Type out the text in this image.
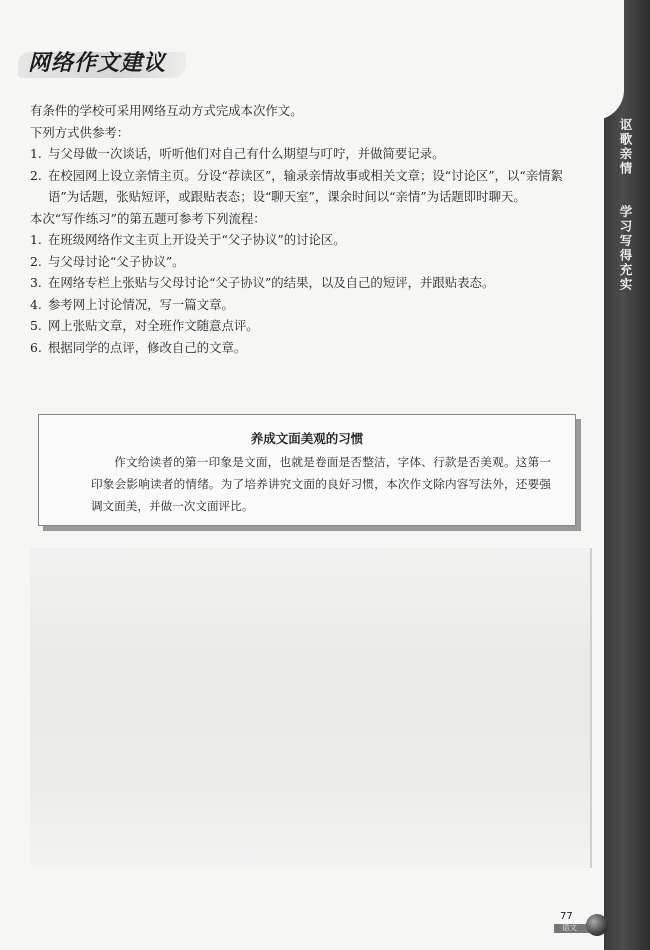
网络作文建议

有条件的学校可采用网络互动方式完成本次作文。

下列方式供参考：

1. 与父母做一次谈话，听听他们对自己有什么期望与叮咛，并做简要记录。
2. 在校园网上设立亲情主页。分设“荐读区”，输录亲情故事或相关文章；设“讨论区”，以“亲情絮语”为话题，张贴短评，或跟贴表态；设“聊天室”，课余时间以“亲情”为话题即时聊天。

本次“写作练习”的第五题可参考下列流程：

1. 在班级网络作文主页上开设关于“父子协议”的讨论区。
2. 与父母讨论“父子协议”。
3. 在网络专栏上张贴与父母讨论“父子协议”的结果，以及自己的短评，并跟贴表态。
4. 参考网上讨论情况，写一篇文章。
5. 网上张贴文章，对全班作文随意点评。
6. 根据同学的点评，修改自己的文章。
养成文面美观的习惯
作文给读者的第一印象是文面，也就是卷面是否整洁，字体、行款是否美观。这第一印象会影响读者的情绪。为了培养讲究文面的良好习惯，本次作文除内容写法外，还要强调文面美，并做一次文面评比。
讴歌亲情
学习写得充实
77
语文
